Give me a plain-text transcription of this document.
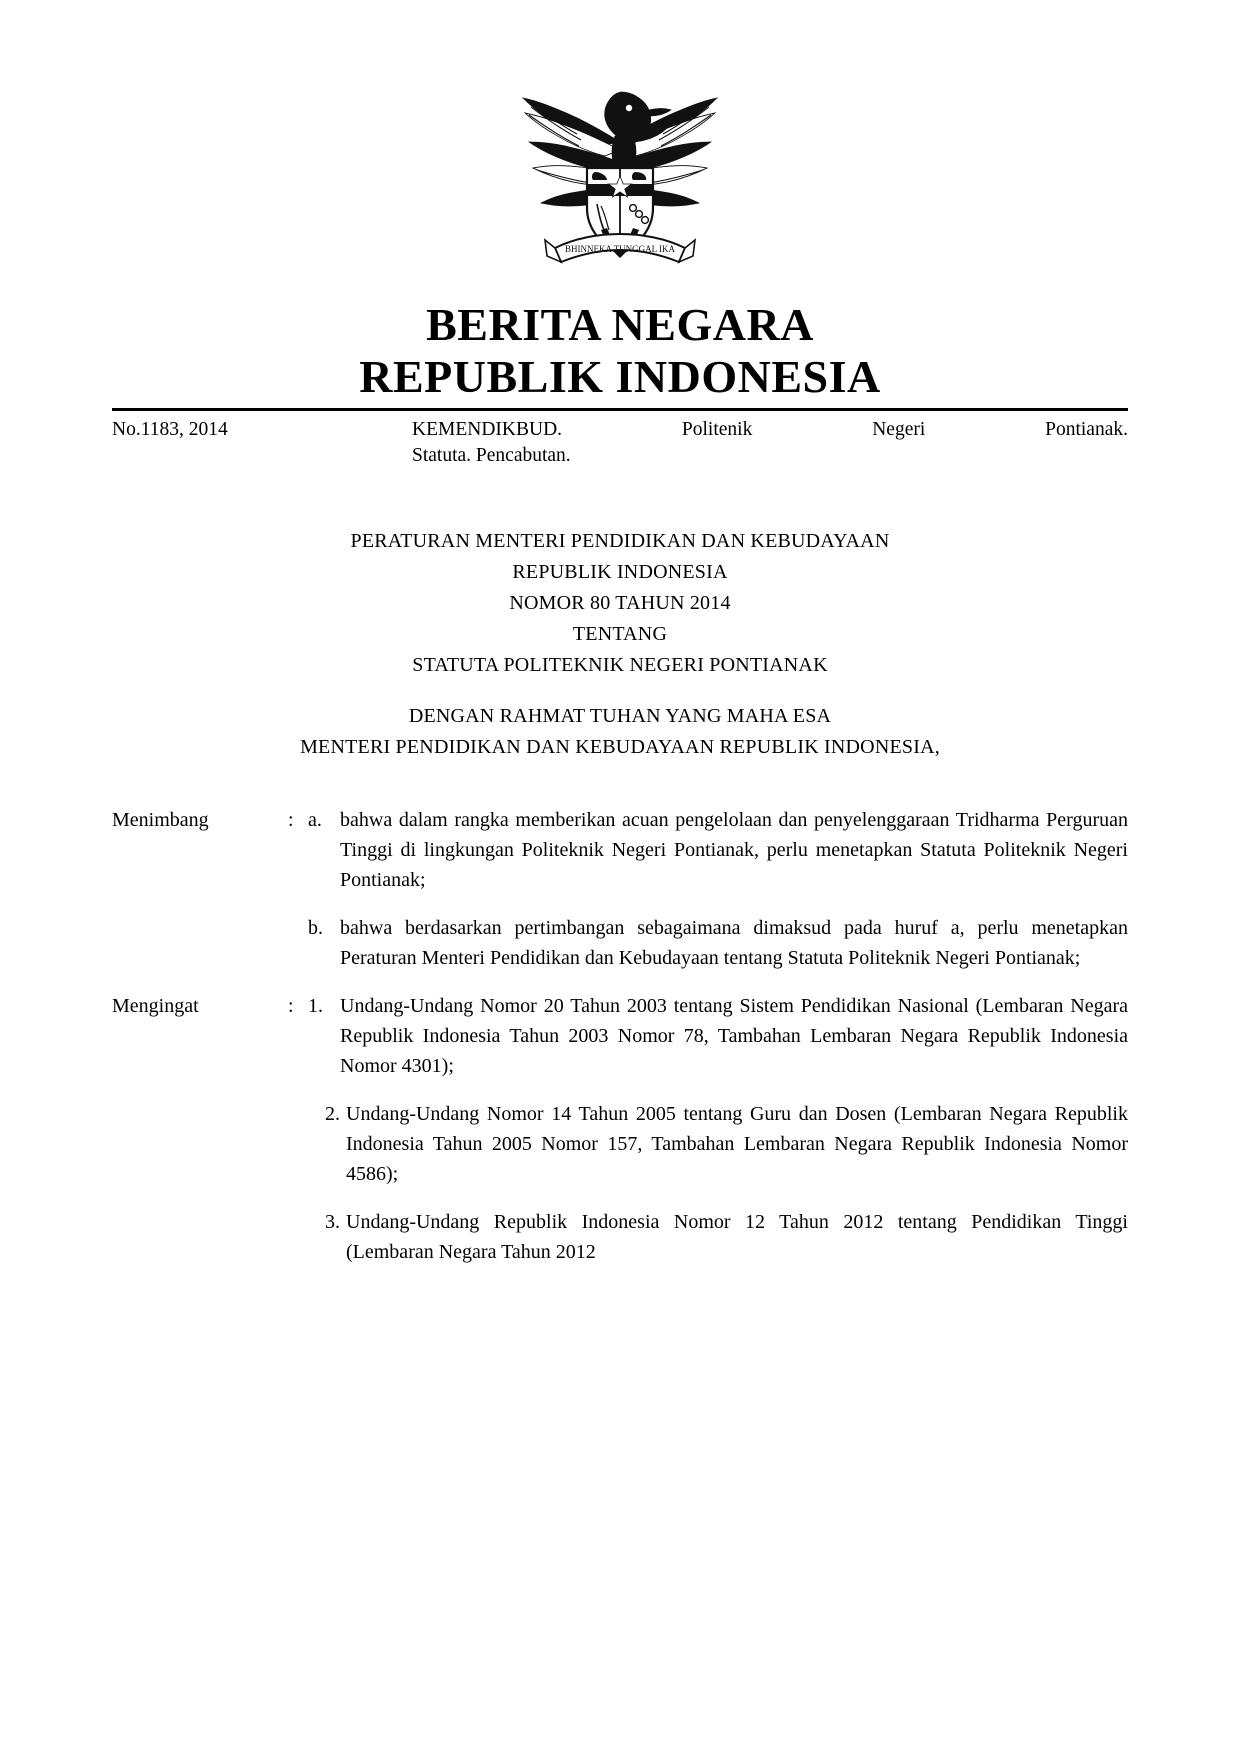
BHINNEKA TUNGGAL IKA
BERITA NEGARA
REPUBLIK INDONESIA
No.1183, 2014	KEMENDIKBUD. Politenik Negeri Pontianak.
Statuta. Pencabutan.
PERATURAN MENTERI PENDIDIKAN DAN KEBUDAYAAN
REPUBLIK INDONESIA
NOMOR 80 TAHUN 2014
TENTANG
STATUTA POLITEKNIK NEGERI PONTIANAK
DENGAN RAHMAT TUHAN YANG MAHA ESA
MENTERI PENDIDIKAN DAN KEBUDAYAAN REPUBLIK INDONESIA,
Menimbang	: a. bahwa dalam rangka memberikan acuan pengelolaan dan penyelenggaraan Tridharma Perguruan Tinggi di lingkungan Politeknik Negeri Pontianak, perlu menetapkan Statuta Politeknik Negeri Pontianak;
b. bahwa berdasarkan pertimbangan sebagaimana dimaksud pada huruf a, perlu menetapkan Peraturan Menteri Pendidikan dan Kebudayaan tentang Statuta Politeknik Negeri Pontianak;
Mengingat	: 1. Undang-Undang Nomor 20 Tahun 2003 tentang Sistem Pendidikan Nasional (Lembaran Negara Republik Indonesia Tahun 2003 Nomor 78, Tambahan Lembaran Negara Republik Indonesia Nomor 4301);
2. Undang-Undang Nomor 14 Tahun 2005 tentang Guru dan Dosen (Lembaran Negara Republik Indonesia Tahun 2005 Nomor 157, Tambahan Lembaran Negara Republik Indonesia Nomor 4586);
3. Undang-Undang Republik Indonesia Nomor 12 Tahun 2012 tentang Pendidikan Tinggi (Lembaran Negara Tahun 2012
